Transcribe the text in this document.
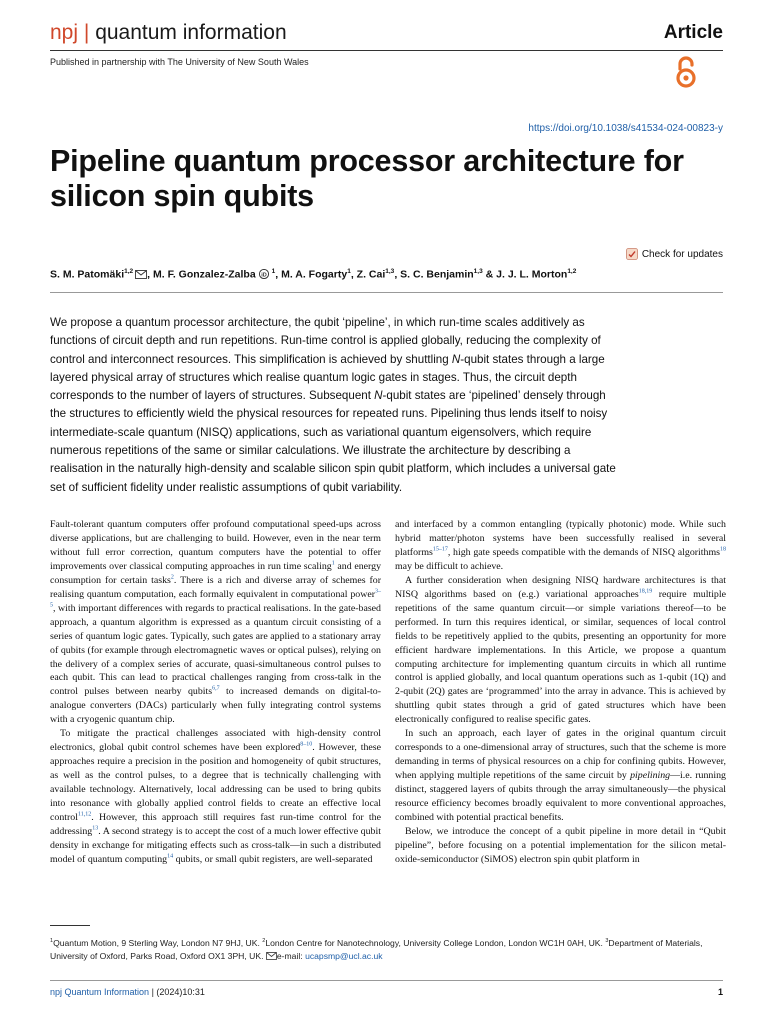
npj | quantum information	Article
Published in partnership with The University of New South Wales
https://doi.org/10.1038/s41534-024-00823-y
Pipeline quantum processor architecture for silicon spin qubits
Check for updates
S. M. Patomäki$^{1,2}$ , M. F. Gonzalez-Zalba iD $^1$, M. A. Fogarty$^1$, Z. Cai$^{1,3}$, S. C. Benjamin$^{1,3}$ & J. J. L. Morton$^{1,2}$
We propose a quantum processor architecture, the qubit ‘pipeline’, in which run-time scales additively as functions of circuit depth and run repetitions. Run-time control is applied globally, reducing the complexity of control and interconnect resources. This simplification is achieved by shuttling N-qubit states through a large layered physical array of structures which realise quantum logic gates in stages. Thus, the circuit depth corresponds to the number of layers of structures. Subsequent N-qubit states are ‘pipelined’ densely through the structures to efficiently wield the physical resources for repeated runs. Pipelining thus lends itself to noisy intermediate-scale quantum (NISQ) applications, such as variational quantum eigensolvers, which require numerous repetitions of the same or similar calculations. We illustrate the architecture by describing a realisation in the naturally high-density and scalable silicon spin qubit platform, which includes a universal gate set of sufficient fidelity under realistic assumptions of qubit variability.

Fault-tolerant quantum computers offer profound computational speed-ups across diverse applications, but are challenging to build. However, even in the near term without full error correction, quantum computers have the potential to offer improvements over classical computing approaches in run time scaling$^1$ and energy consumption for certain tasks$^2$. There is a rich and diverse array of schemes for realising quantum computation, each formally equivalent in computational power$^{3-5}$, with important differences with regards to practical realisations. In the gate-based approach, a quantum algorithm is expressed as a quantum circuit consisting of a series of quantum logic gates. Typically, such gates are applied to a stationary array of qubits (for example through electromagnetic waves or optical pulses), relying on the delivery of a complex series of accurate, quasi-simultaneous control pulses to each qubit. This can lead to practical challenges ranging from cross-talk in the control pulses between nearby qubits$^{6,7}$ to increased demands on digital-to-analogue converters (DACs) particularly when fully integrating control systems with a cryogenic quantum chip.

To mitigate the practical challenges associated with high-density control electronics, global qubit control schemes have been explored$^{8-10}$. However, these approaches require a precision in the position and homogeneity of qubit structures, as well as the control pulses, to a degree that is technically challenging with available technology. Alternatively, local addressing can be used to bring qubits into resonance with globally applied control fields to create an effective local control$^{11,12}$. However, this approach still requires fast run-time control for the addressing$^{13}$. A second strategy is to accept the cost of a much lower effective qubit density in exchange for mitigating effects such as cross-talk—in such a distributed model of quantum computing$^{14}$ qubits, or small qubit registers, are well-separated

and interfaced by a common entangling (typically photonic) mode. While such hybrid matter/photon systems have been successfully realised in several platforms$^{15-17}$, high gate speeds compatible with the demands of NISQ algorithms$^{18}$ may be difficult to achieve.

A further consideration when designing NISQ hardware architectures is that NISQ algorithms based on (e.g.) variational approaches$^{18,19}$ require multiple repetitions of the same quantum circuit—or simple variations thereof—to be performed. In turn this requires identical, or similar, sequences of local control fields to be repetitively applied to the qubits, presenting an opportunity for more efficient hardware implementations. In this Article, we propose a quantum computing architecture for implementing quantum circuits in which all runtime control is applied globally, and local quantum operations such as 1-qubit (1Q) and 2-qubit (2Q) gates are ‘programmed’ into the array in advance. This is achieved by shuttling qubit states through a grid of gated structures which have been electronically configured to realise specific gates.

In such an approach, each layer of gates in the original quantum circuit corresponds to a one-dimensional array of structures, such that the scheme is more demanding in terms of physical resources on a chip for confining qubits. However, when applying multiple repetitions of the same circuit by pipelining—i.e. running distinct, staggered layers of qubits through the array simultaneously—the physical resource efficiency becomes broadly equivalent to more conventional approaches, combined with potential practical benefits.

Below, we introduce the concept of a qubit pipeline in more detail in “Qubit pipeline”, before focusing on a potential implementation for the silicon metal-oxide-semiconductor (SiMOS) electron spin qubit platform in

$^1$Quantum Motion, 9 Sterling Way, London N7 9HJ, UK. $^2$London Centre for Nanotechnology, University College London, London WC1H 0AH, UK. $^3$Department of Materials, University of Oxford, Parks Road, Oxford OX1 3PH, UK. e-mail: ucapsmp@ucl.ac.uk
npj Quantum Information | (2024)10:31	1
